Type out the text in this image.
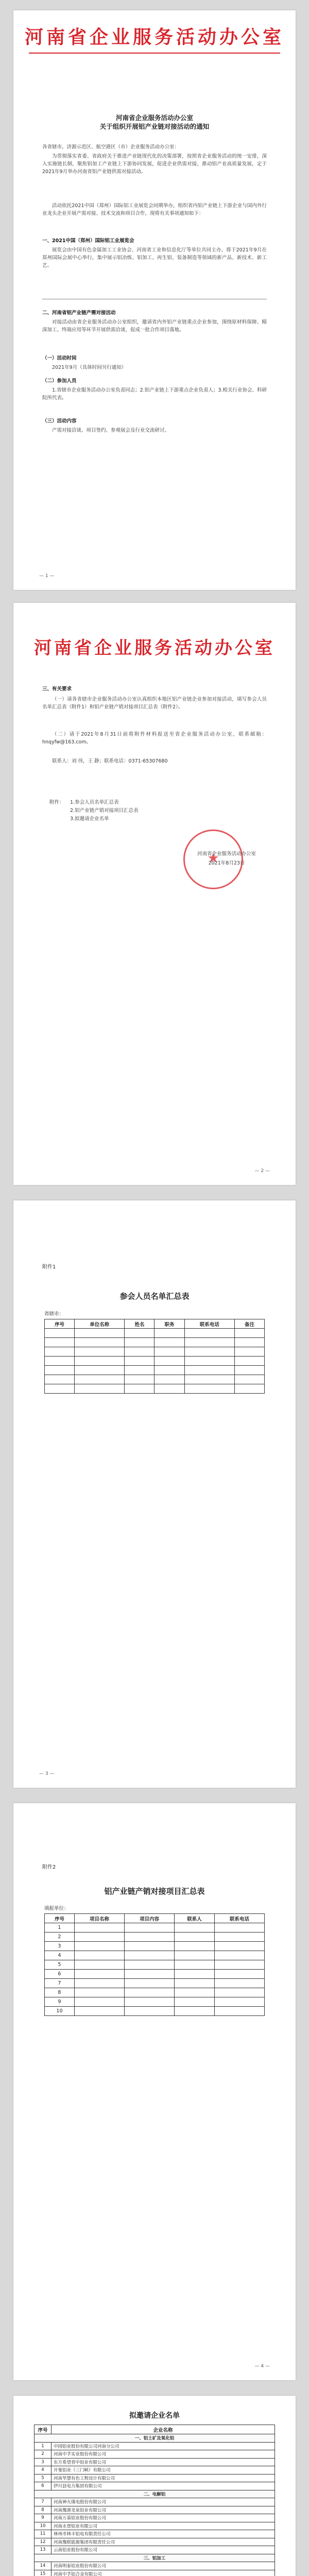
河南省企业服务活动办公室
河南省企业服务活动办公室
关于组织开展铝产业链对接活动的通知
各省辖市、济源示范区、航空港区（市）企业服务活动办公室：
为贯彻落实省委、省政府关于推进产业链现代化的决策部署，按照省企业服务活动的统一安排，深入实施链长制，聚焦铝加工产业链上下游协同发展，促进企业供需对接，推动铝产业高质量发展，定于2021年9月举办河南省铝产业链供需对接活动。
活动依托2021中国（郑州）国际铝工业展览会同期举办，组织省内铝产业链上下游企业与国内外行业龙头企业开展产需对接、技术交流和项目合作，现将有关事项通知如下：
一、2021中国（郑州）国际铝工业展览会
展览会由中国有色金属加工工业协会、河南省工业和信息化厅等单位共同主办，将于2021年9月在郑州国际会展中心举行，集中展示铝冶炼、铝加工、再生铝、装备制造等领域的新产品、新技术、新工艺。
二、河南省铝产业链产需对接活动
对接活动由省企业服务活动办公室组织，邀请省内外铝产业链重点企业参加，围绕原材料保障、精深加工、终端应用等环节开展供需洽谈，促成一批合作项目落地。
（一）活动时间
2021年9月（具体时间另行通知）
（二）参加人员
1.省辖市企业服务活动办公室负责同志；2.铝产业链上下游重点企业负责人；3.相关行业协会、科研院所代表。
（三）活动内容
产需对接洽谈、项目签约、参观展会及行业交流研讨。
— 1 —
河南省企业服务活动办公室
三、有关要求
（一）请各省辖市企业服务活动办公室认真组织本地区铝产业链企业参加对接活动，填写参会人员名单汇总表（附件1）和铝产业链产销对接项目汇总表（附件2）。
（二）请于2021年8月31日前将附件材料报送至省企业服务活动办公室，联系邮箱：hnqyfw@163.com。
联系人：刘 伟，王 静；联系电话：0371-65307680
附件：	1.参会人员名单汇总表
2.铝产业链产销对接项目汇总表
3.拟邀请企业名单
★
河南省企业服务活动办公室
2021年8月23日
— 2 —
附件1
参会人员名单汇总表
省辖市：
序号	单位名称	姓名	职务	联系电话	备注

— 3 —
附件2
铝产业链产销对接项目汇总表
填报单位：
序号	项目名称	项目内容	联系人	联系电话
1				
2				
3				
4				
5				
6				
7				
8				
9				
10				
— 4 —
拟邀请企业名单
序号	企业名称
一、铝土矿及氧化铝	
1	中国铝业股份有限公司河南分公司
2	河南中孚实业股份有限公司
3	东方希望晋中铝业有限公司
4	开曼铝业（三门峡）有限公司
5	河南华慧有色工程设计有限公司
6	伊川县电力集团有限公司
二、电解铝	
7	河南神火煤电股份有限公司
8	河南豫港龙泉铝业有限公司
9	河南万基铝业股份有限公司
10	河南永登铝业有限公司
11	林州市林丰铝电有限责任公司
12	河南豫联能源集团有限责任公司
13	云南铝业股份有限公司
三、铝加工	
14	河南明泰铝业股份有限公司
15	河南中孚铝合金有限公司
